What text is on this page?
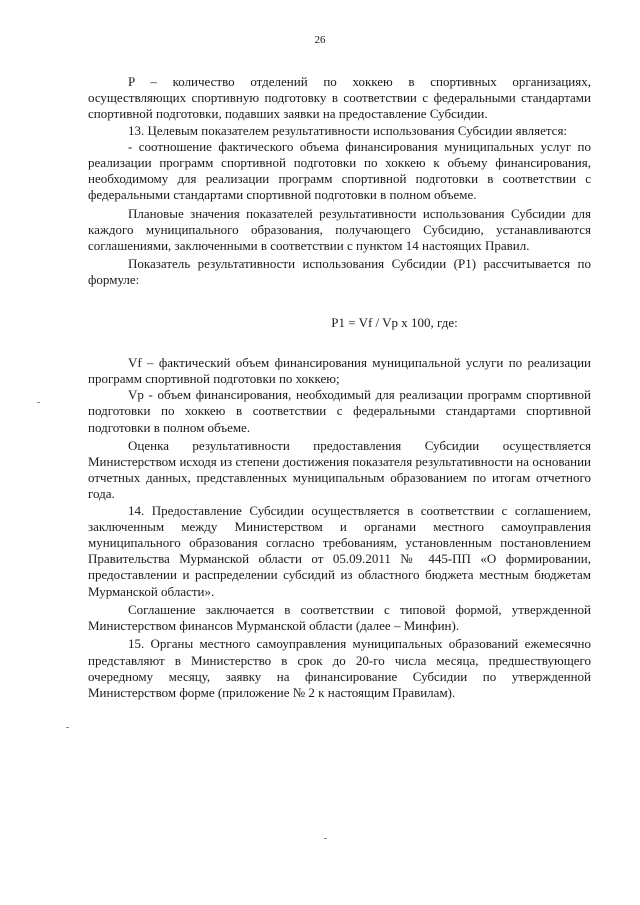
26

P – количество отделений по хоккею в спортивных организациях, осуществляющих спортивную подготовку в соответствии с федеральными стандартами спортивной подготовки, подавших заявки на предоставление Субсидии.

13. Целевым показателем результативности использования Субсидии является:

- соотношение фактического объема финансирования муниципальных услуг по реализации программ спортивной подготовки по хоккею к объему финансирования, необходимому для реализации программ спортивной подготовки в соответствии с федеральными стандартами спортивной подготовки в полном объеме.

Плановые значения показателей результативности использования Субсидии для каждого муниципального образования, получающего Субсидию, устанавливаются соглашениями, заключенными в соответствии с пунктом 14 настоящих Правил.

Показатель результативности использования Субсидии (P1) рассчитывается по формуле:

P1 = Vf / Vp x 100, где:

Vf – фактический объем финансирования муниципальной услуги по реализации программ спортивной подготовки по хоккею;

Vp - объем финансирования, необходимый для реализации программ спортивной подготовки по хоккею в соответствии с федеральными стандартами спортивной подготовки в полном объеме.

Оценка результативности предоставления Субсидии осуществляется Министерством исходя из степени достижения показателя результативности на основании отчетных данных, представленных муниципальным образованием по итогам отчетного года.

14. Предоставление Субсидии осуществляется в соответствии с соглашением, заключенным между Министерством и органами местного самоуправления муниципального образования согласно требованиям, установленным постановлением Правительства Мурманской области от 05.09.2011 № 445-ПП «О формировании, предоставлении и распределении субсидий из областного бюджета местным бюджетам Мурманской области».

Соглашение заключается в соответствии с типовой формой, утвержденной Министерством финансов Мурманской области (далее – Минфин).

15. Органы местного самоуправления муниципальных образований ежемесячно представляют в Министерство в срок до 20-го числа месяца, предшествующего очередному месяцу, заявку на финансирование Субсидии по утвержденной Министерством форме (приложение № 2 к настоящим Правилам).
